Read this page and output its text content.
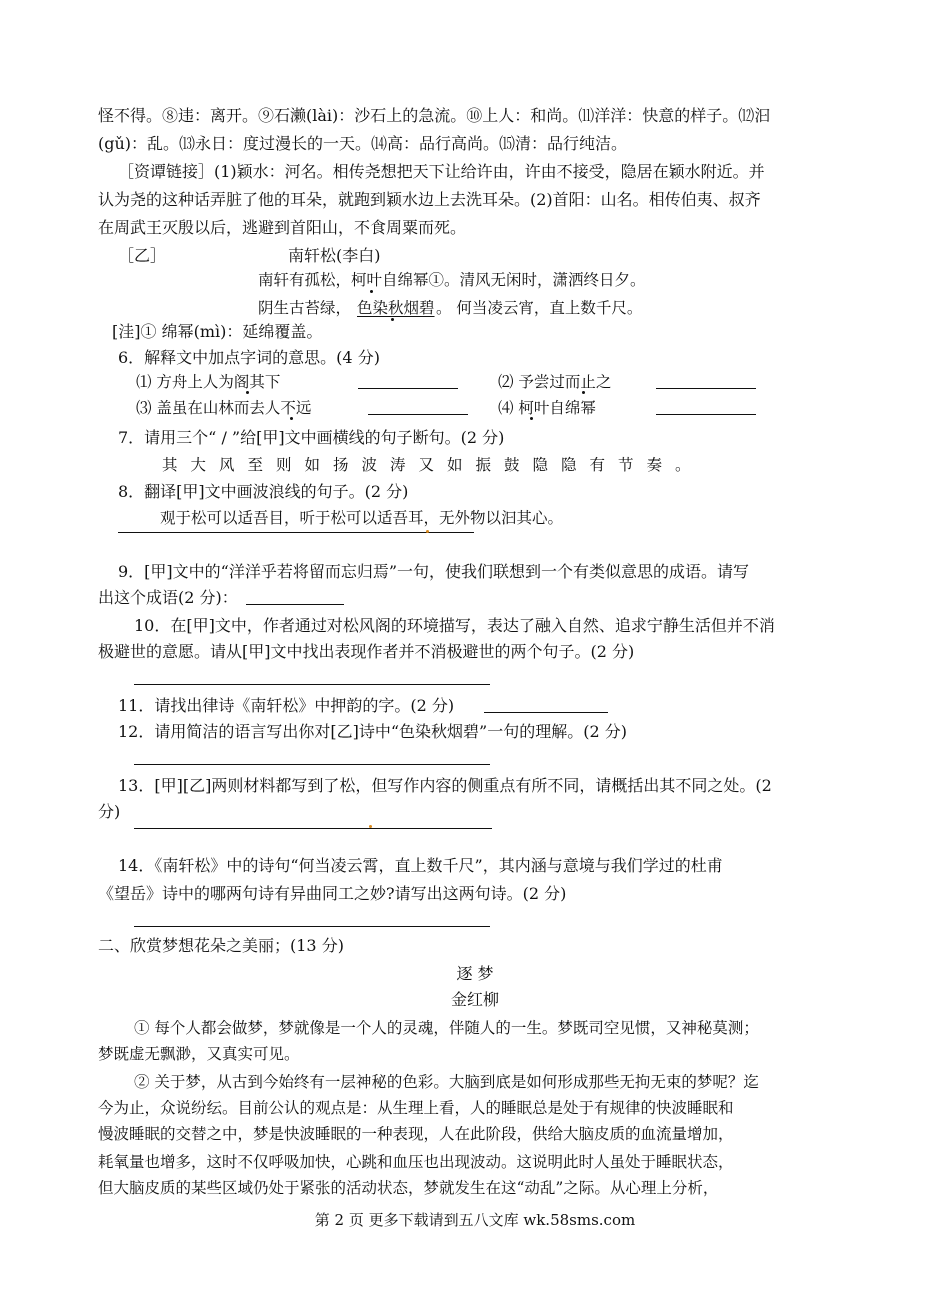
怪不得。⑧违：离开。⑨石濑(lài)：沙石上的急流。⑩上人：和尚。⑾洋洋：快意的样子。⑿汩
(gǔ)：乱。⒀永日：度过漫长的一天。⒁高：品行高尚。⒂清：品行纯洁。
［资谭链接］(1)颖水：河名。相传尧想把天下让给许由，许由不接受，隐居在颖水附近。并
认为尧的这种话弄脏了他的耳朵，就跑到颖水边上去洗耳朵。(2)首阳：山名。相传伯夷、叔齐
在周武王灭殷以后，逃避到首阳山，不食周粟而死。
［乙］	南轩松(李白)
南轩有孤松，柯叶自绵幂①。清风无闲时，潇洒终日夕。
阴生古苔绿， 色染秋烟碧 。 何当凌云宵，直上数千尺。
[洼]① 绵幂(mì)：延绵覆盖。
6．解释文中加点字词的意思。(4 分)
⑴ 方舟上人为阁其下	⑵ 予尝过而止之
⑶ 盖虽在山林而去人不远	⑷ 柯叶自绵幂
7．请用三个“ / ”给[甲]文中画横线的句子断句。(2 分)
其大风至则如扬波涛又如振鼓隐隐有节奏。
8．翻译[甲]文中画波浪线的句子。(2 分)
观于松可以适吾目，听于松可以适吾耳，无外物以汩其心。
9．[甲]文中的“洋洋乎若将留而忘归焉”一句，使我们联想到一个有类似意思的成语。请写
出这个成语(2 分)：
10．在[甲]文中，作者通过对松风阁的环境描写，表达了融入自然、追求宁静生活但并不消
极避世的意愿。请从[甲]文中找出表现作者并不消极避世的两个句子。(2 分)
11．请找出律诗《南轩松》中押韵的字。(2 分)
12．请用简洁的语言写出你对[乙]诗中“色染秋烟碧”一句的理解。(2 分)
13．[甲][乙]两则材料都写到了松，但写作内容的侧重点有所不同，请概括出其不同之处。(2
分)
14．《南轩松》中的诗句“何当凌云霄，直上数千尺”，其内涵与意境与我们学过的杜甫
《望岳》诗中的哪两句诗有异曲同工之妙?请写出这两句诗。(2 分)
二、欣赏梦想花朵之美丽；(13 分)
逐 梦
金红柳
① 每个人都会做梦，梦就像是一个人的灵魂，伴随人的一生。梦既司空见惯，又神秘莫测；
梦既虚无飘渺，又真实可见。
② 关于梦，从古到今始终有一层神秘的色彩。大脑到底是如何形成那些无拘无束的梦呢？迄
今为止，众说纷纭。目前公认的观点是：从生理上看，人的睡眠总是处于有规律的快波睡眠和
慢波睡眠的交替之中，梦是快波睡眠的一种表现，人在此阶段，供给大脑皮质的血流量增加，
耗氧量也增多，这时不仅呼吸加快，心跳和血压也出现波动。这说明此时人虽处于睡眠状态，
但大脑皮质的某些区域仍处于紧张的活动状态，梦就发生在这“动乱”之际。从心理上分析，
第 2 页 更多下载请到五八文库 wk.58sms.com
